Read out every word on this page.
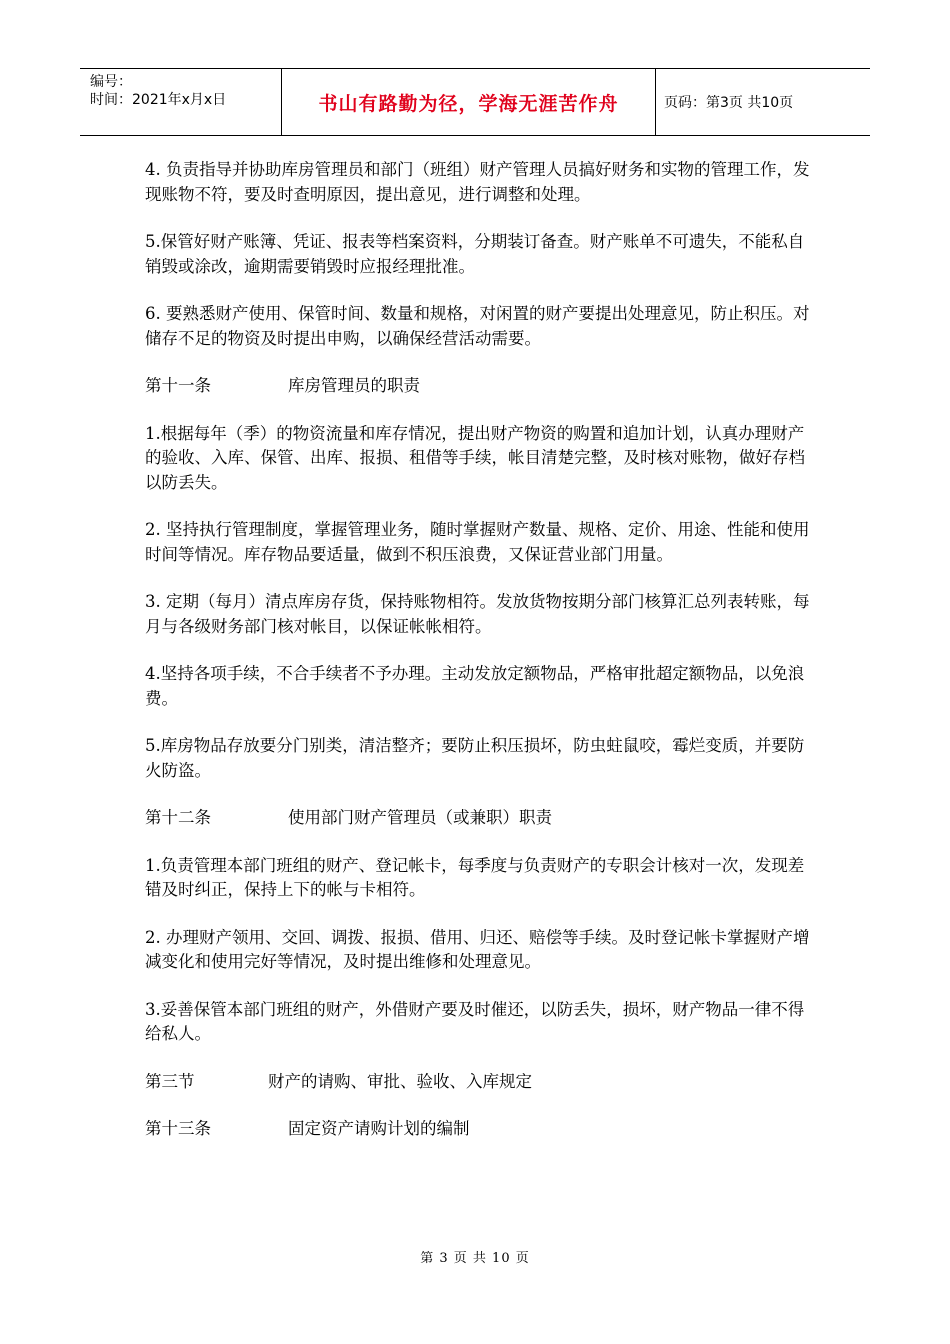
编号：
时间：2021年x月x日	书山有路勤为径，学海无涯苦作舟	页码：第3页 共10页

4. 负责指导并协助库房管理员和部门（班组）财产管理人员搞好财务和实物的管理工作，发现账物不符，要及时查明原因，提出意见，进行调整和处理。

5.保管好财产账簿、凭证、报表等档案资料，分期装订备查。财产账单不可遗失，不能私自销毁或涂改，逾期需要销毁时应报经理批准。

6. 要熟悉财产使用、保管时间、数量和规格，对闲置的财产要提出处理意见，防止积压。对储存不足的物资及时提出申购，以确保经营活动需要。

第十一条	库房管理员的职责

1.根据每年（季）的物资流量和库存情况，提出财产物资的购置和追加计划，认真办理财产的验收、入库、保管、出库、报损、租借等手续，帐目清楚完整，及时核对账物，做好存档以防丢失。

2. 坚持执行管理制度，掌握管理业务，随时掌握财产数量、规格、定价、用途、性能和使用时间等情况。库存物品要适量，做到不积压浪费，又保证营业部门用量。

3. 定期（每月）清点库房存货，保持账物相符。发放货物按期分部门核算汇总列表转账，每月与各级财务部门核对帐目，以保证帐帐相符。

4.坚持各项手续，不合手续者不予办理。主动发放定额物品，严格审批超定额物品，以免浪费。

5.库房物品存放要分门别类，清洁整齐；要防止积压损坏，防虫蛀鼠咬，霉烂变质，并要防火防盗。

第十二条	使用部门财产管理员（或兼职）职责

1.负责管理本部门班组的财产、登记帐卡，每季度与负责财产的专职会计核对一次，发现差错及时纠正，保持上下的帐与卡相符。

2. 办理财产领用、交回、调拨、报损、借用、归还、赔偿等手续。及时登记帐卡掌握财产增减变化和使用完好等情况，及时提出维修和处理意见。

3.妥善保管本部门班组的财产，外借财产要及时催还，以防丢失，损坏，财产物品一律不得给私人。

第三节	财产的请购、审批、验收、入库规定
第十三条	固定资产请购计划的编制
第 3 页 共 10 页
